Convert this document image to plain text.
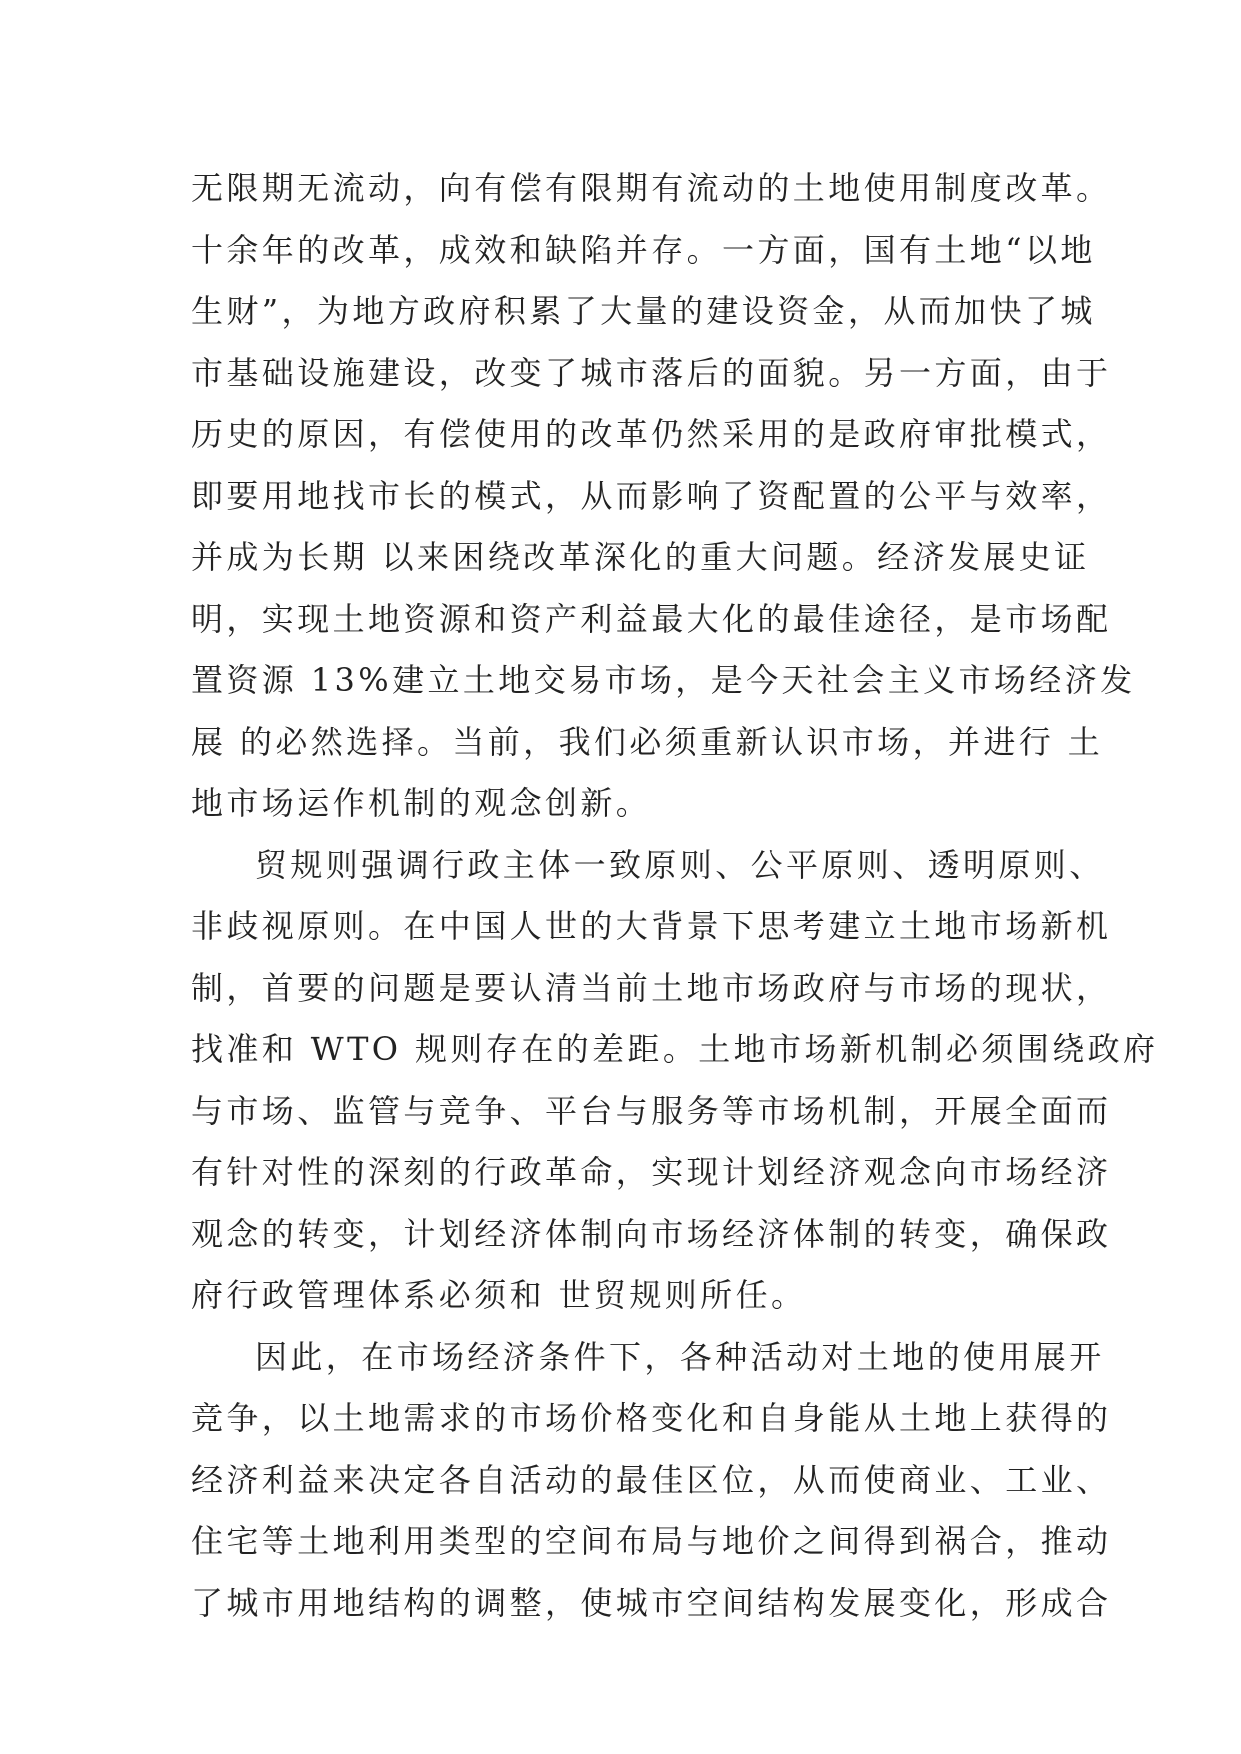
无限期无流动，向有偿有限期有流动的土地使用制度改革。
十余年的改革，成效和缺陷并存。一方面，国有土地“以地
生财”，为地方政府积累了大量的建设资金，从而加快了城
市基础设施建设，改变了城市落后的面貌。另一方面，由于
历史的原因，有偿使用的改革仍然采用的是政府审批模式，
即要用地找市长的模式，从而影响了资配置的公平与效率，
并成为长期 以来困绕改革深化的重大问题。经济发展史证
明，实现土地资源和资产利益最大化的最佳途径，是市场配
置资源 13%建立土地交易市场，是今天社会主义市场经济发
展 的必然选择。当前，我们必须重新认识市场，并进行 土
地市场运作机制的观念创新。
贸规则强调行政主体一致原则、公平原则、透明原则、
非歧视原则。在中国人世的大背景下思考建立土地市场新机
制，首要的问题是要认清当前土地市场政府与市场的现状，
找准和 WTO 规则存在的差距。土地市场新机制必须围绕政府
与市场、监管与竞争、平台与服务等市场机制，开展全面而
有针对性的深刻的行政革命，实现计划经济观念向市场经济
观念的转变，计划经济体制向市场经济体制的转变，确保政
府行政管理体系必须和 世贸规则所任。
因此，在市场经济条件下，各种活动对土地的使用展开
竞争，以土地需求的市场价格变化和自身能从土地上获得的
经济利益来决定各自活动的最佳区位，从而使商业、工业、
住宅等土地利用类型的空间布局与地价之间得到祸合，推动
了城市用地结构的调整，使城市空间结构发展变化，形成合
